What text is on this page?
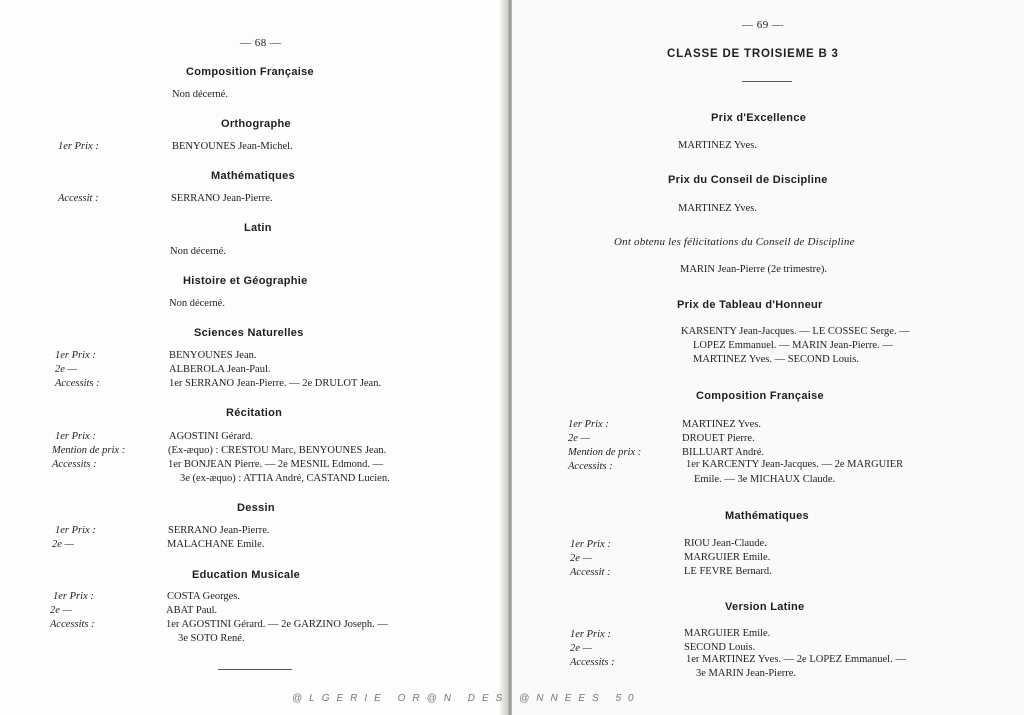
— 68 —
Composition Française
Non décerné.
Orthographe
1er Prix :	BENYOUNES Jean-Michel.
Mathématiques
Accessit :	SERRANO Jean-Pierre.
Latin
Non décerné.
Histoire et Géographie
Non décerné.
Sciences Naturelles
1er Prix :	BENYOUNES Jean.
2e —	ALBEROLA Jean-Paul.
Accessits :	1er SERRANO Jean-Pierre. — 2e DRULOT Jean.
Récitation
1er Prix :	AGOSTINI Gérard.
Mention de prix :	(Ex-æquo) : CRESTOU Marc, BENYOUNES Jean.
Accessits :	1er BONJEAN Pierre. — 2e MESNIL Edmond. —
3e (ex-æquo) : ATTIA André, CASTAND Lucien.
Dessin
1er Prix :	SERRANO Jean-Pierre.
2e —	MALACHANE Emile.
Education Musicale
1er Prix :	COSTA Georges.
2e —	ABAT Paul.
Accessits :	1er AGOSTINI Gérard. — 2e GARZINO Joseph. —
3e SOTO René.
— 69 —
CLASSE DE TROISIEME B 3
Prix d'Excellence
MARTINEZ Yves.
Prix du Conseil de Discipline
MARTINEZ Yves.
Ont obtenu les félicitations du Conseil de Discipline
MARIN Jean-Pierre (2e trimestre).
Prix de Tableau d'Honneur
KARSENTY Jean-Jacques. — LE COSSEC Serge. —
LOPEZ Emmanuel. — MARIN Jean-Pierre. —
MARTINEZ Yves. — SECOND Louis.
Composition Française
1er Prix :	MARTINEZ Yves.
2e —	DROUET Pierre.
Mention de prix :	BILLUART André.
Accessits :	1er KARCENTY Jean-Jacques. — 2e MARGUIER
Emile. — 3e MICHAUX Claude.
Mathématiques
1er Prix :	RIOU Jean-Claude.
2e —	MARGUIER Emile.
Accessit :	LE FEVRE Bernard.
Version Latine
1er Prix :	MARGUIER Emile.
2e —	SECOND Louis.
Accessits :	1er MARTINEZ Yves. — 2e LOPEZ Emmanuel. —
3e MARIN Jean-Pierre.
@LGERIE OR@N DES @NNEES 50
